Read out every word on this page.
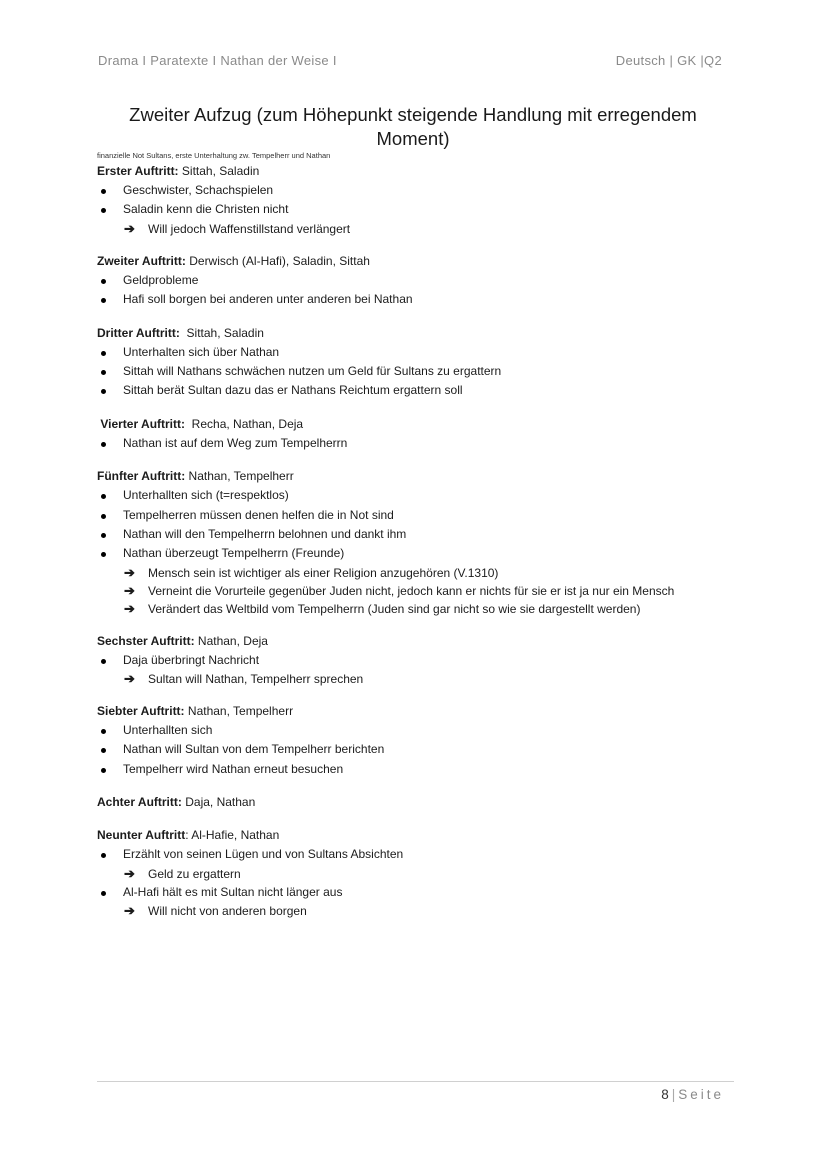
Drama I Paratexte I Nathan der Weise I	Deutsch | GK |Q2
Zweiter Aufzug (zum Höhepunkt steigende Handlung mit erregendem Moment)
finanzielle Not Sultans, erste Unterhaltung zw. Tempelherr und Nathan
Erster Auftritt: Sittah, Saladin
Geschwister, Schachspielen
Saladin kenn die Christen nicht
➔ Will jedoch Waffenstillstand verlängert
Zweiter Auftritt: Derwisch (Al-Hafi), Saladin, Sittah
Geldprobleme
Hafi soll borgen bei anderen unter anderen bei Nathan
Dritter Auftritt:  Sittah, Saladin
Unterhalten sich über Nathan
Sittah will Nathans schwächen nutzen um Geld für Sultans zu ergattern
Sittah berät Sultan dazu das er Nathans Reichtum ergattern soll
Vierter Auftritt:  Recha, Nathan, Deja
Nathan ist auf dem Weg zum Tempelherrn
Fünfter Auftritt: Nathan, Tempelherr
Unterhallten sich (t=respektlos)
Tempelherren müssen denen helfen die in Not sind
Nathan will den Tempelherrn belohnen und dankt ihm
Nathan überzeugt Tempelherrn (Freunde)
➔ Mensch sein ist wichtiger als einer Religion anzugehören (V.1310)
➔ Verneint die Vorurteile gegenüber Juden nicht, jedoch kann er nichts für sie er ist ja nur ein Mensch
➔ Verändert das Weltbild vom Tempelherrn (Juden sind gar nicht so wie sie dargestellt werden)
Sechster Auftritt: Nathan, Deja
Daja überbringt Nachricht
➔ Sultan will Nathan, Tempelherr sprechen
Siebter Auftritt: Nathan, Tempelherr
Unterhallten sich
Nathan will Sultan von dem Tempelherr berichten
Tempelherr wird Nathan erneut besuchen
Achter Auftritt: Daja, Nathan
Neunter Auftritt: Al-Hafie, Nathan
Erzählt von seinen Lügen und von Sultans Absichten
➔ Geld zu ergattern
Al-Hafi hält es mit Sultan nicht länger aus
➔ Will nicht von anderen borgen
8 | Seite
